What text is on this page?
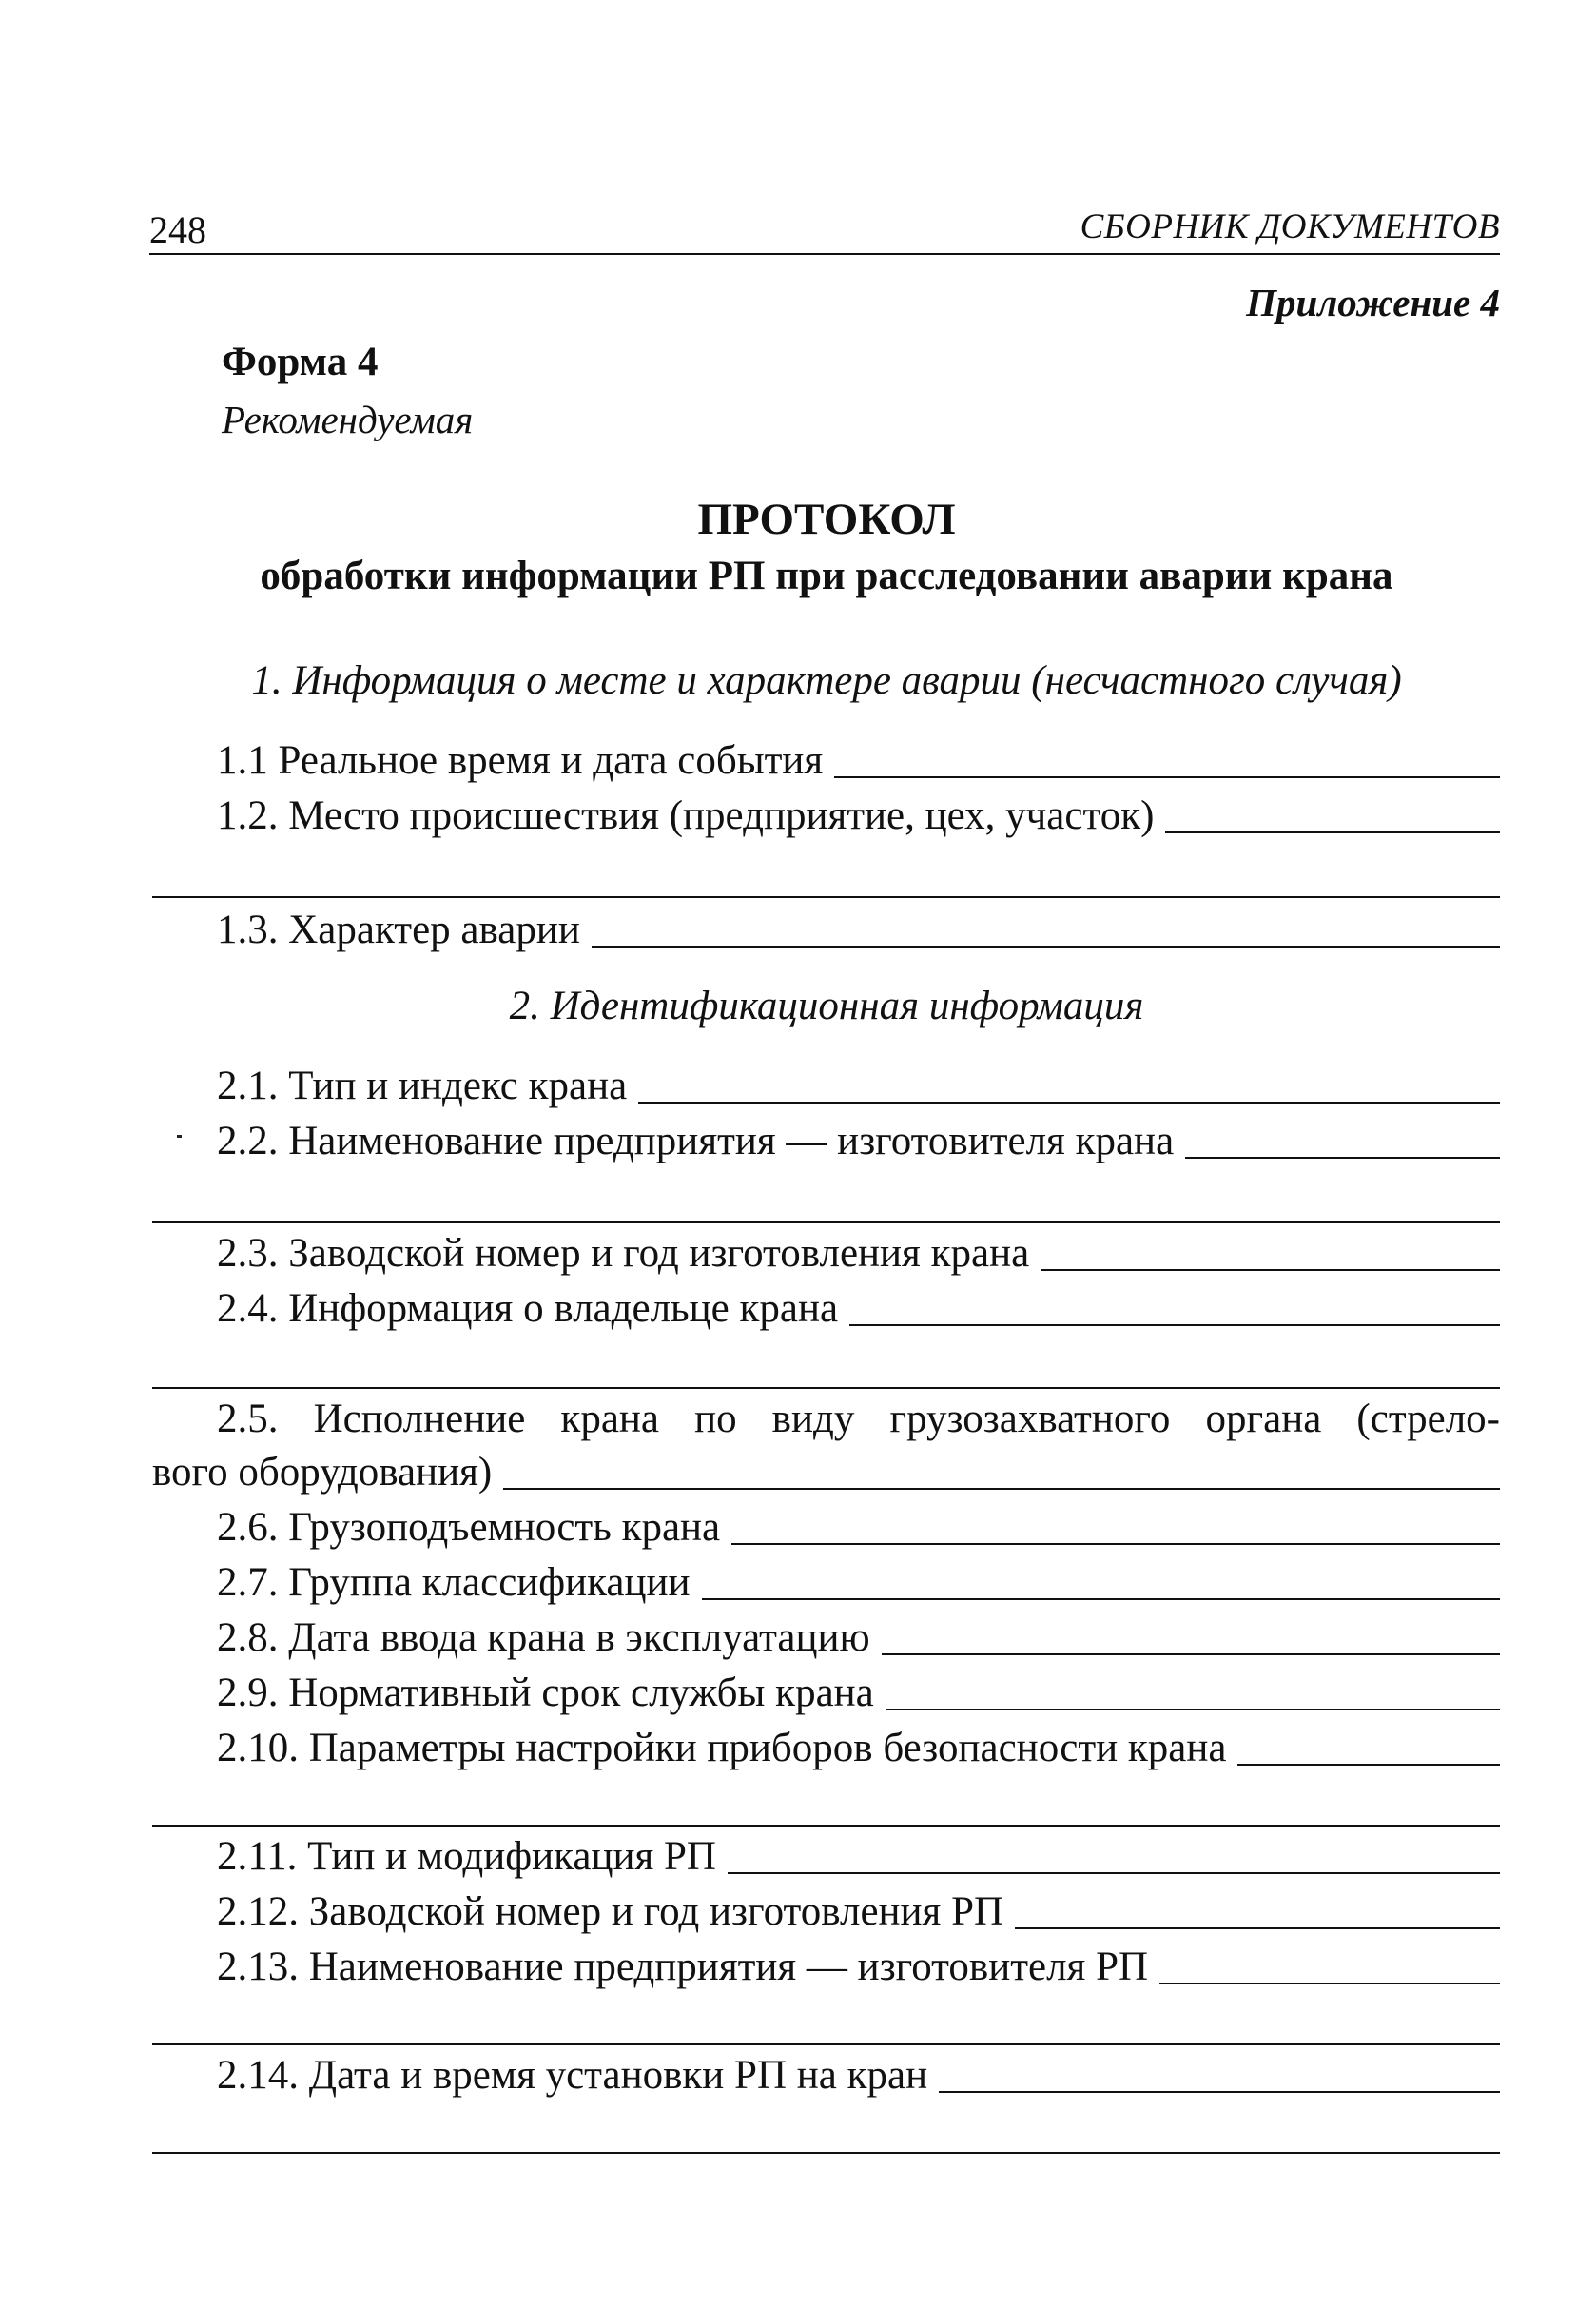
248	СБОРНИК ДОКУМЕНТОВ
Приложение 4
Форма 4
Рекомендуемая
ПРОТОКОЛ
обработки информации РП при расследовании аварии крана
1. Информация о месте и характере аварии (несчастного случая)
1.1 Реальное время и дата события
1.2. Место происшествия (предприятие, цех, участок)
1.3. Характер аварии
2. Идентификационная информация
2.1. Тип и индекс крана
2.2. Наименование предприятия — изготовителя крана
2.3. Заводской номер и год изготовления крана
2.4. Информация о владельце крана
2.5. Исполнение крана по виду грузозахватного органа (стрело-
вого оборудования)
2.6. Грузоподъемность крана
2.7. Группа классификации
2.8. Дата ввода крана в эксплуатацию
2.9. Нормативный срок службы крана
2.10. Параметры настройки приборов безопасности крана
2.11. Тип и модификация РП
2.12. Заводской номер и год изготовления РП
2.13. Наименование предприятия — изготовителя РП
2.14. Дата и время установки РП на кран
